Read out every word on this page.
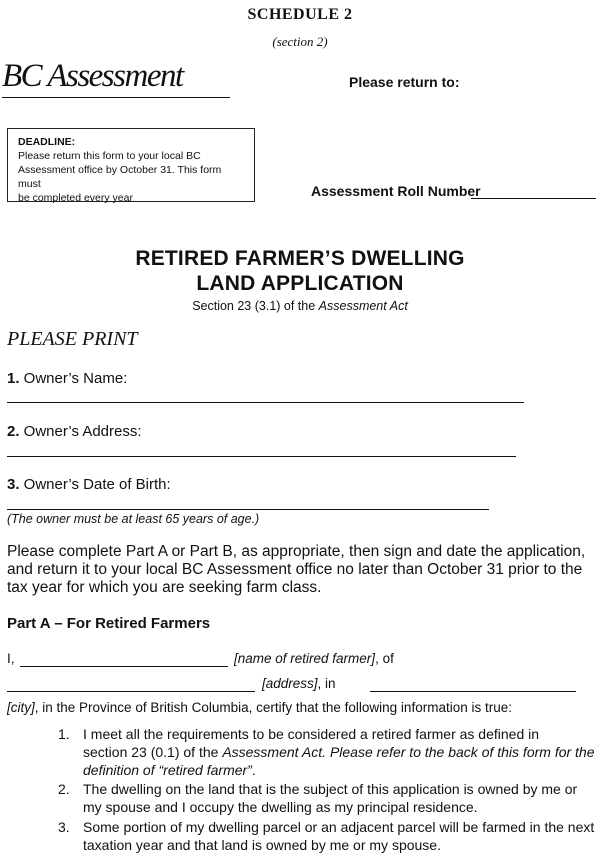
SCHEDULE 2
(section 2)
BC Assessment	Please return to:
DEADLINE:
Please return this form to your local BC
Assessment office by October 31. This form must
be completed every year	Assessment Roll Number
RETIRED FARMER’S DWELLING
LAND APPLICATION
Section 23 (3.1) of the Assessment Act
PLEASE PRINT
1. Owner’s Name:
2. Owner’s Address:
3. Owner’s Date of Birth:
(The owner must be at least 65 years of age.)
Please complete Part A or Part B, as appropriate, then sign and date the application,
and return it to your local BC Assessment office no later than October 31 prior to the
tax year for which you are seeking farm class.
Part A – For Retired Farmers
I,	[name of retired farmer], of
[address], in
[city], in the Province of British Columbia, certify that the following information is true:
1. I meet all the requirements to be considered a retired farmer as defined in
section 23 (0.1) of the Assessment Act. Please refer to the back of this form for the
definition of “retired farmer”.
2. The dwelling on the land that is the subject of this application is owned by me or
my spouse and I occupy the dwelling as my principal residence.
3. Some portion of my dwelling parcel or an adjacent parcel will be farmed in the next
taxation year and that land is owned by me or my spouse.
